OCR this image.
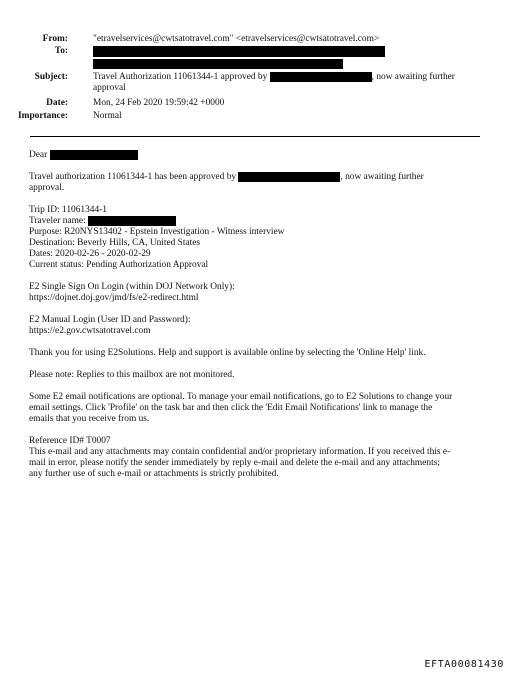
From:	"etravelservices@cwtsatotravel.com" <etravelservices@cwtsatotravel.com>
To:
Subject:	Travel Authorization 11061344-1 approved by	, now awaiting further
approval
Date:	Mon, 24 Feb 2020 19:59:42 +0000
Importance:	Normal
Dear
Travel authorization 11061344-1 has been approved by	, now awaiting further
approval.
Trip ID: 11061344-1
Traveler name:
Purpose: R20NYS13402 - Epstein Investigation - Witness interview
Destination: Beverly Hills, CA, United States
Dates: 2020-02-26 - 2020-02-29
Current status: Pending Authorization Approval
E2 Single Sign On Login (within DOJ Network Only):
https://dojnet.doj.gov/jmd/fs/e2-redirect.html
E2 Manual Login (User ID and Password):
https://e2.gov.cwtsatotravel.com
Thank you for using E2Solutions. Help and support is available online by selecting the 'Online Help' link.
Please note: Replies to this mailbox are not monitored.
Some E2 email notifications are optional. To manage your email notifications, go to E2 Solutions to change your
email settings. Click 'Profile' on the task bar and then click the 'Edit Email Notifications' link to manage the
emails that you receive from us.
Reference ID# T0007
This e-mail and any attachments may contain confidential and/or proprietary information. If you received this e-
mail in error, please notify the sender immediately by reply e-mail and delete the e-mail and any attachments;
any further use of such e-mail or attachments is strictly prohibited.
EFTA00081430
